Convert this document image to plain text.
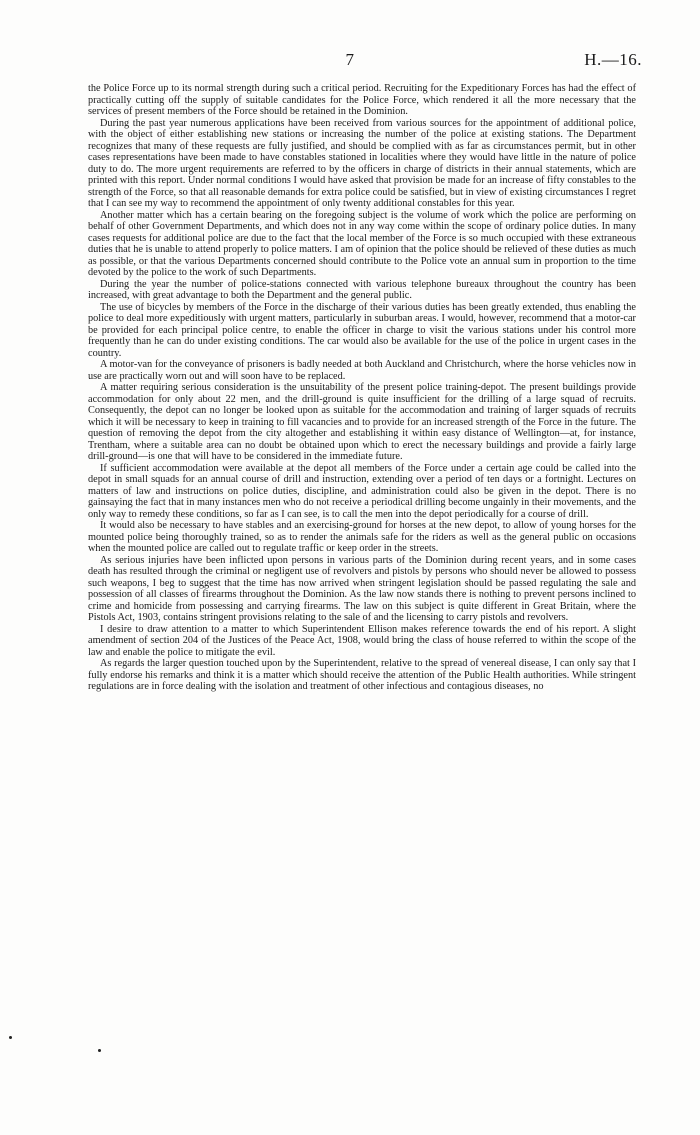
7	H.—16.

the Police Force up to its normal strength during such a critical period. Recruiting for the Expeditionary Forces has had the effect of practically cutting off the supply of suitable candidates for the Police Force, which rendered it all the more necessary that the services of present members of the Force should be retained in the Dominion.

During the past year numerous applications have been received from various sources for the appointment of additional police, with the object of either establishing new stations or increasing the number of the police at existing stations. The Department recognizes that many of these requests are fully justified, and should be complied with as far as circumstances permit, but in other cases representations have been made to have constables stationed in localities where they would have little in the nature of police duty to do. The more urgent requirements are referred to by the officers in charge of districts in their annual statements, which are printed with this report. Under normal conditions I would have asked that provision be made for an increase of fifty constables to the strength of the Force, so that all reasonable demands for extra police could be satisfied, but in view of existing circumstances I regret that I can see my way to recommend the appointment of only twenty additional constables for this year.

Another matter which has a certain bearing on the foregoing subject is the volume of work which the police are performing on behalf of other Government Departments, and which does not in any way come within the scope of ordinary police duties. In many cases requests for additional police are due to the fact that the local member of the Force is so much occupied with these extraneous duties that he is unable to attend properly to police matters. I am of opinion that the police should be relieved of these duties as much as possible, or that the various Departments concerned should contribute to the Police vote an annual sum in proportion to the time devoted by the police to the work of such Departments.

During the year the number of police-stations connected with various telephone bureaux throughout the country has been increased, with great advantage to both the Department and the general public.

The use of bicycles by members of the Force in the discharge of their various duties has been greatly extended, thus enabling the police to deal more expeditiously with urgent matters, particularly in suburban areas. I would, however, recommend that a motor-car be provided for each principal police centre, to enable the officer in charge to visit the various stations under his control more frequently than he can do under existing conditions. The car would also be available for the use of the police in urgent cases in the country.

A motor-van for the conveyance of prisoners is badly needed at both Auckland and Christchurch, where the horse vehicles now in use are practically worn out and will soon have to be replaced.

A matter requiring serious consideration is the unsuitability of the present police training-depot. The present buildings provide accommodation for only about 22 men, and the drill-ground is quite insufficient for the drilling of a large squad of recruits. Consequently, the depot can no longer be looked upon as suitable for the accommodation and training of larger squads of recruits which it will be necessary to keep in training to fill vacancies and to provide for an increased strength of the Force in the future. The question of removing the depot from the city altogether and establishing it within easy distance of Wellington—at, for instance, Trentham, where a suitable area can no doubt be obtained upon which to erect the necessary buildings and provide a fairly large drill-ground—is one that will have to be considered in the immediate future.

If sufficient accommodation were available at the depot all members of the Force under a certain age could be called into the depot in small squads for an annual course of drill and instruction, extending over a period of ten days or a fortnight. Lectures on matters of law and instructions on police duties, discipline, and administration could also be given in the depot. There is no gainsaying the fact that in many instances men who do not receive a periodical drilling become ungainly in their movements, and the only way to remedy these conditions, so far as I can see, is to call the men into the depot periodically for a course of drill.

It would also be necessary to have stables and an exercising-ground for horses at the new depot, to allow of young horses for the mounted police being thoroughly trained, so as to render the animals safe for the riders as well as the general public on occasions when the mounted police are called out to regulate traffic or keep order in the streets.

As serious injuries have been inflicted upon persons in various parts of the Dominion during recent years, and in some cases death has resulted through the criminal or negligent use of revolvers and pistols by persons who should never be allowed to possess such weapons, I beg to suggest that the time has now arrived when stringent legislation should be passed regulating the sale and possession of all classes of firearms throughout the Dominion. As the law now stands there is nothing to prevent persons inclined to crime and homicide from possessing and carrying firearms. The law on this subject is quite different in Great Britain, where the Pistols Act, 1903, contains stringent provisions relating to the sale of and the licensing to carry pistols and revolvers.

I desire to draw attention to a matter to which Superintendent Ellison makes reference towards the end of his report. A slight amendment of section 204 of the Justices of the Peace Act, 1908, would bring the class of house referred to within the scope of the law and enable the police to mitigate the evil.

As regards the larger question touched upon by the Superintendent, relative to the spread of venereal disease, I can only say that I fully endorse his remarks and think it is a matter which should receive the attention of the Public Health authorities. While stringent regulations are in force dealing with the isolation and treatment of other infectious and contagious diseases, no
